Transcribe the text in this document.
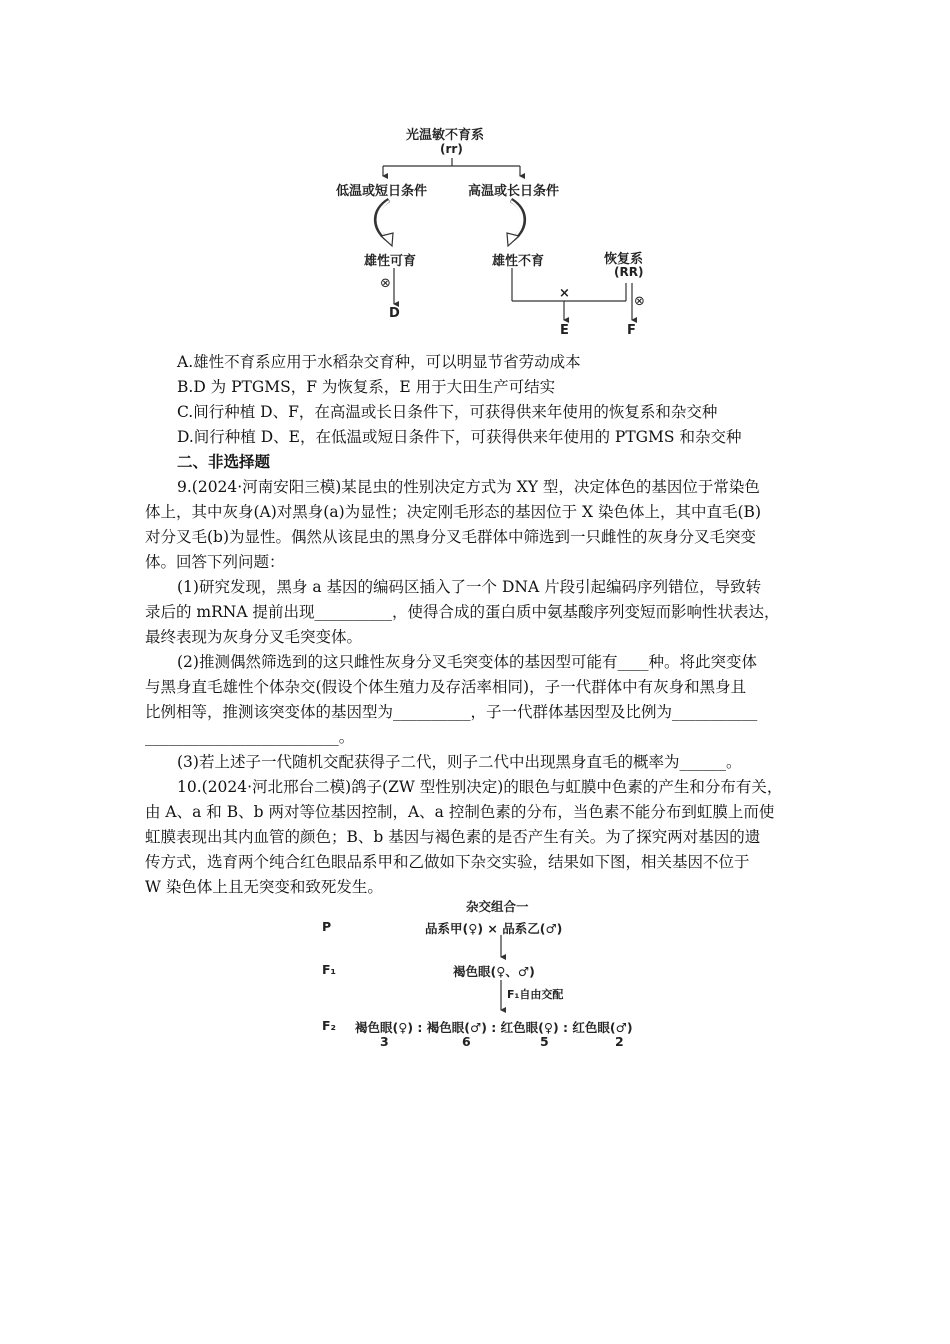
光温敏不育系
(rr)
低温或短日条件	高温或长日条件
雄性可育	雄性不育	恢复系
(RR)
⊗
⊗
×
D
E	F
A.雄性不育系应用于水稻杂交育种，可以明显节省劳动成本
B.D 为 PTGMS，F 为恢复系，E 用于大田生产可结实
C.间行种植 D、F，在高温或长日条件下，可获得供来年使用的恢复系和杂交种
D.间行种植 D、E，在低温或短日条件下，可获得供来年使用的 PTGMS 和杂交种
二、非选择题
9.(2024·河南安阳三模)某昆虫的性别决定方式为 XY 型，决定体色的基因位于常染色
体上，其中灰身(A)对黑身(a)为显性；决定刚毛形态的基因位于 X 染色体上，其中直毛(B)
对分叉毛(b)为显性。偶然从该昆虫的黑身分叉毛群体中筛选到一只雌性的灰身分叉毛突变
体。回答下列问题：
(1)研究发现，黑身 a 基因的编码区插入了一个 DNA 片段引起编码序列错位，导致转
录后的 mRNA 提前出现__________，使得合成的蛋白质中氨基酸序列变短而影响性状表达，
最终表现为灰身分叉毛突变体。
(2)推测偶然筛选到的这只雌性灰身分叉毛突变体的基因型可能有____种。将此突变体
与黑身直毛雄性个体杂交(假设个体生殖力及存活率相同)，子一代群体中有灰身和黑身且
比例相等，推测该突变体的基因型为__________，子一代群体基因型及比例为___________
_________________________。
(3)若上述子一代随机交配获得子二代，则子二代中出现黑身直毛的概率为______。
10.(2024·河北邢台二模)鸽子(ZW 型性别决定)的眼色与虹膜中色素的产生和分布有关，
由 A、a 和 B、b 两对等位基因控制，A、a 控制色素的分布，当色素不能分布到虹膜上而使
虹膜表现出其内血管的颜色；B、b 基因与褐色素的是否产生有关。为了探究两对基因的遗
传方式，选育两个纯合红色眼品系甲和乙做如下杂交实验，结果如下图，相关基因不位于
W 染色体上且无突变和致死发生。
杂交组合一
P	品系甲(♀) × 品系乙(♂)
F₁	褐色眼(♀、♂)
F₁自由交配
F₂ 褐色眼(♀) : 褐色眼(♂) : 红色眼(♀) : 红色眼(♂)
3	6	5	2
